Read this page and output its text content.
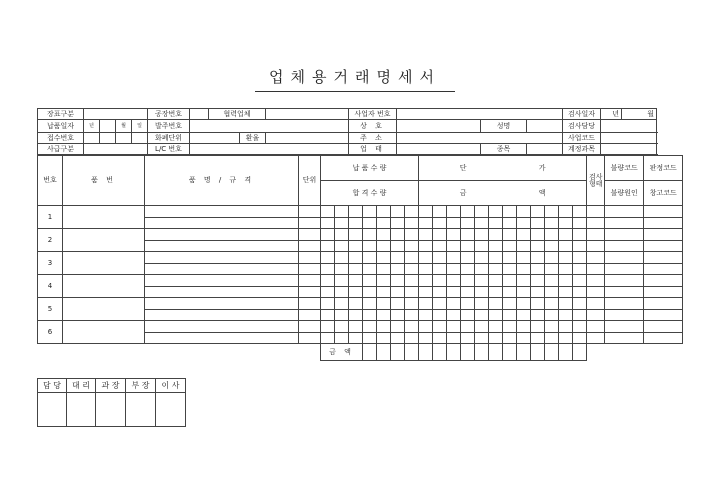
업체용거래명세서
장표구분					공장번호		협력업체			사업자 번호				검사일자	년	월	
납품일자	년		월	일	발주번호					상 호		성명		검사담당			
접수번호					화폐단위			환율		주 소				사업코드			
사급구분					L/C 번호					업 태		종목		계정과목			
번호	품 번	품 명 / 규 격	단위	납 품 수 량							단 가												검사형태	불량코드	판정코드
				합 격 수 량							금 액													불량원인	창고코드
1																									

2																									

3																									

4																									

5																									

6																									

				금 액																					
담 당	대 리	과 장	부 장	이 사
